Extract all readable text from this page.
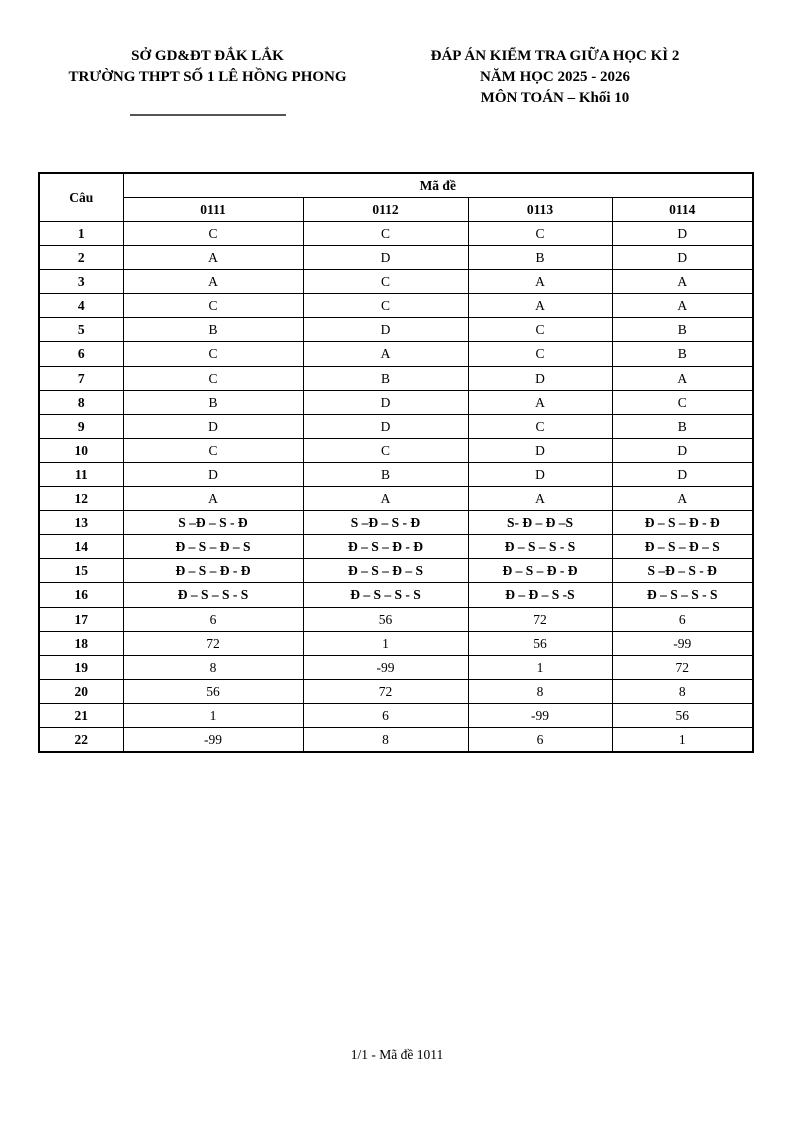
SỞ GD&ĐT ĐẮK LẮK
TRƯỜNG THPT SỐ 1 LÊ HỒNG PHONG
ĐÁP ÁN KIỂM TRA GIỮA HỌC KÌ 2
NĂM HỌC 2025 - 2026
MÔN TOÁN – Khối 10
Câu	Mã đề			
	0111	0112	0113	0114
1	C	C	C	D
2	A	D	B	D
3	A	C	A	A
4	C	C	A	A
5	B	D	C	B
6	C	A	C	B
7	C	B	D	A
8	B	D	A	C
9	D	D	C	B
10	C	C	D	D
11	D	B	D	D
12	A	A	A	A
13	S –Đ – S - Đ	S –Đ – S - Đ	S- Đ – Đ –S	Đ – S – Đ - Đ
14	Đ – S – Đ – S	Đ – S – Đ - Đ	Đ – S – S - S	Đ – S – Đ – S
15	Đ – S – Đ - Đ	Đ – S – Đ – S	Đ – S – Đ - Đ	S –Đ – S - Đ
16	Đ – S – S - S	Đ – S – S - S	Đ – Đ – S -S	Đ – S – S - S
17	6	56	72	6
18	72	1	56	-99
19	8	-99	1	72
20	56	72	8	8
21	1	6	-99	56
22	-99	8	6	1
1/1 - Mã đề 1011
